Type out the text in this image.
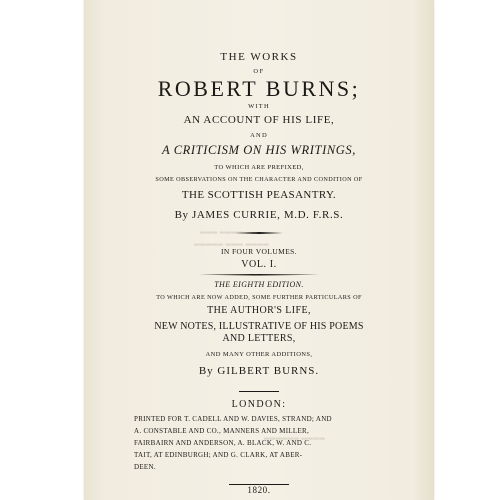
THE WORKS
OF
ROBERT BURNS;
WITH
AN ACCOUNT OF HIS LIFE,
AND
A CRITICISM ON HIS WRITINGS,
TO WHICH ARE PREFIXED,
SOME OBSERVATIONS ON THE CHARACTER AND CONDITION OF
THE SCOTTISH PEASANTRY.
By JAMES CURRIE, M.D. F.R.S.
▂▂▂ ▂▂▂▂
▂▂▂▂▂ ▂▂▂ ▂▂▂▂
IN FOUR VOLUMES.
VOL. I.
THE EIGHTH EDITION.
TO WHICH ARE NOW ADDED, SOME FURTHER PARTICULARS OF
THE AUTHOR'S LIFE,
NEW NOTES, ILLUSTRATIVE OF HIS POEMS
AND LETTERS,
AND MANY OTHER ADDITIONS,
By GILBERT BURNS.
LONDON:
PRINTED FOR T. CADELL AND W. DAVIES, STRAND; AND
A. CONSTABLE AND CO., MANNERS AND MILLER,
FAIRBAIRN AND ANDERSON, A. BLACK, W. AND C.
TAIT, AT EDINBURGH; AND G. CLARK, AT ABER-
DEEN.
▂▂▂▂▂▂ ▂▂▂▂
1820.
